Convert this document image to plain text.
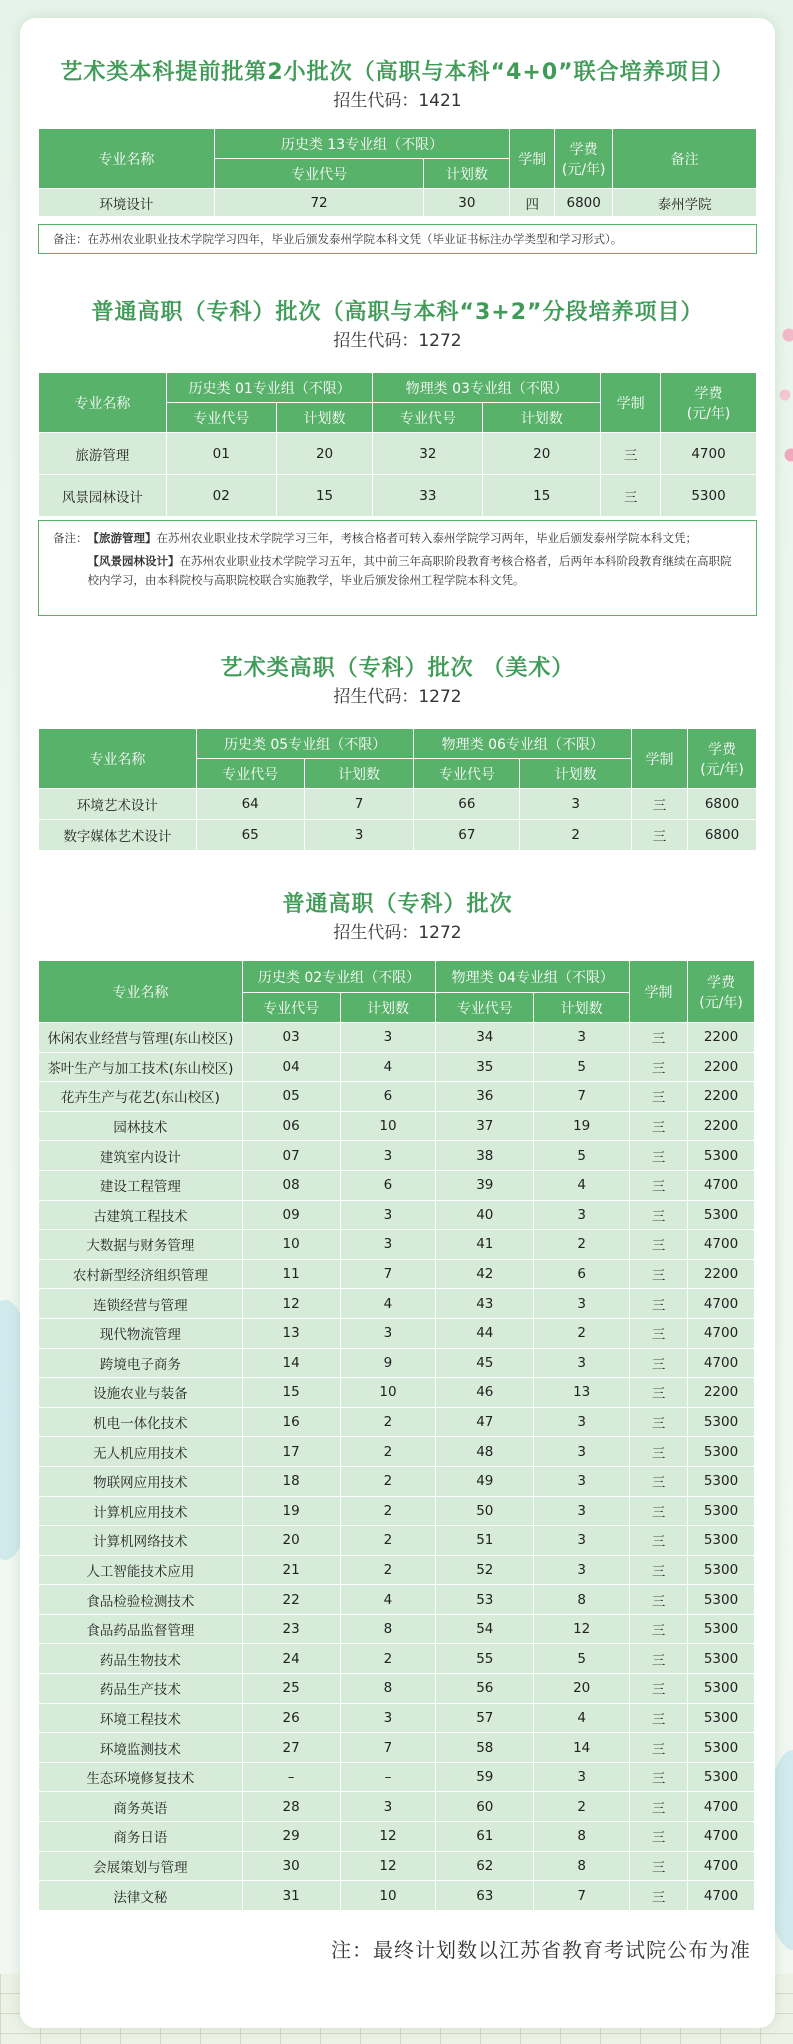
艺术类本科提前批第2小批次（高职与本科“4+0”联合培养项目）
招生代码：1421
专业名称	历史类 13专业组（不限）		学制	学费
(元/年)	备注
	专业代号	计划数			
环境设计	72	30	四	6800	泰州学院
备注：在苏州农业职业技术学院学习四年，毕业后颁发泰州学院本科文凭（毕业证书标注办学类型和学习形式）。
普通高职（专科）批次（高职与本科“3+2”分段培养项目）
招生代码：1272
专业名称	历史类 01专业组（不限）		物理类 03专业组（不限）		学制	学费
(元/年)
	专业代号	计划数	专业代号	计划数		
旅游管理	01	20	32	20	三	4700
风景园林设计	02	15	33	15	三	5300
备注： 【旅游管理】在苏州农业职业技术学院学习三年，考核合格者可转入泰州学院学习两年，毕业后颁发泰州学院本科文凭；
【风景园林设计】在苏州农业职业技术学院学习五年，其中前三年高职阶段教育考核合格者，后两年本科阶段教育继续在高职院校内学习，由本科院校与高职院校联合实施教学，毕业后颁发徐州工程学院本科文凭。
艺术类高职（专科）批次 （美术）
招生代码：1272
专业名称	历史类 05专业组（不限）		物理类 06专业组（不限）		学制	学费
(元/年)
	专业代号	计划数	专业代号	计划数		
环境艺术设计	64	7	66	3	三	6800
数字媒体艺术设计	65	3	67	2	三	6800
普通高职（专科）批次
招生代码：1272
专业名称	历史类 02专业组（不限）		物理类 04专业组（不限）		学制	学费
(元/年)
	专业代号	计划数	专业代号	计划数		
休闲农业经营与管理(东山校区)	03	3	34	3	三	2200
茶叶生产与加工技术(东山校区)	04	4	35	5	三	2200
花卉生产与花艺(东山校区)	05	6	36	7	三	2200
园林技术	06	10	37	19	三	2200
建筑室内设计	07	3	38	5	三	5300
建设工程管理	08	6	39	4	三	4700
古建筑工程技术	09	3	40	3	三	5300
大数据与财务管理	10	3	41	2	三	4700
农村新型经济组织管理	11	7	42	6	三	2200
连锁经营与管理	12	4	43	3	三	4700
现代物流管理	13	3	44	2	三	4700
跨境电子商务	14	9	45	3	三	4700
设施农业与装备	15	10	46	13	三	2200
机电一体化技术	16	2	47	3	三	5300
无人机应用技术	17	2	48	3	三	5300
物联网应用技术	18	2	49	3	三	5300
计算机应用技术	19	2	50	3	三	5300
计算机网络技术	20	2	51	3	三	5300
人工智能技术应用	21	2	52	3	三	5300
食品检验检测技术	22	4	53	8	三	5300
食品药品监督管理	23	8	54	12	三	5300
药品生物技术	24	2	55	5	三	5300
药品生产技术	25	8	56	20	三	5300
环境工程技术	26	3	57	4	三	5300
环境监测技术	27	7	58	14	三	5300
生态环境修复技术	–	–	59	3	三	5300
商务英语	28	3	60	2	三	4700
商务日语	29	12	61	8	三	4700
会展策划与管理	30	12	62	8	三	4700
法律文秘	31	10	63	7	三	4700
注：最终计划数以江苏省教育考试院公布为准
